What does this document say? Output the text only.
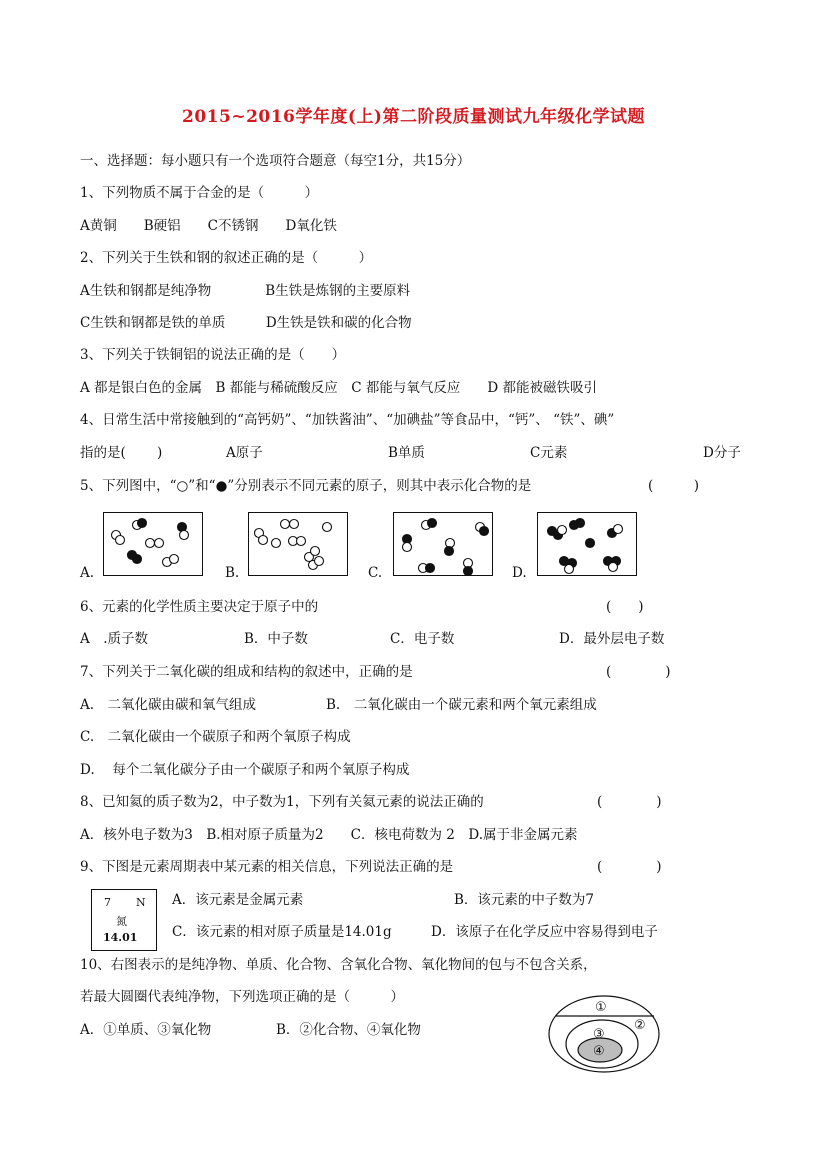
2015~2016学年度(上)第二阶段质量测试九年级化学试题
一、选择题：每小题只有一个选项符合题意（每空1分，共15分）
1、下列物质不属于合金的是（　　　）
A黄铜　　B硬铝　　C不锈钢　　D氧化铁
2、下列关于生铁和钢的叙述正确的是（　　　）
A生铁和钢都是纯净物　　　　B生铁是炼钢的主要原料
C生铁和钢都是铁的单质　　　D生铁是铁和碳的化合物
3、下列关于铁铜铝的说法正确的是（　　）
A 都是银白色的金属　B 都能与稀硫酸反应　C 都能与氧气反应　　D 都能被磁铁吸引
4、日常生活中常接触到的“高钙奶”、“加铁酱油”、“加碘盐”等食品中，“钙”、 “铁”、碘”
指的是(　　 )	A原子	B单质	C元素	D分子
5、下列图中，“○”和“●”分别表示不同元素的原子，则其中表示化合物的是	(　　　)
A.	B.	C.	D.
6、元素的化学性质主要决定于原子中的	(　　)
A　.质子数	B．中子数	C．电子数	D．最外层电子数
7、下列关于二氧化碳的组成和结构的叙述中，正确的是	(　　　　)
A.　二氧化碳由碳和氧气组成	B.　二氧化碳由一个碳元素和两个氧元素组成
C.　二氧化碳由一个碳原子和两个氧原子构成
D.　 每个二氧化碳分子由一个碳原子和两个氧原子构成
8、已知氦的质子数为2，中子数为1，下列有关氦元素的说法正确的	(　　　　)
A．核外电子数为3　B.相对原子质量为2　　C．核电荷数为 2　D.属于非金属元素
9、下图是元素周期表中某元素的相关信息，下列说法正确的是	(　　　　)
7 N
氮
14.01
A．该元素是金属元素	B．该元素的中子数为7
C．该元素的相对原子质量是14.01g	D．该原子在化学反应中容易得到电子
10、右图表示的是纯净物、单质、化合物、含氧化合物、氧化物间的包与不包含关系，
若最大圆圈代表纯净物，下列选项正确的是（　　　）
A．①单质、③氧化物	B．②化合物、④氧化物
①
②
③
④
